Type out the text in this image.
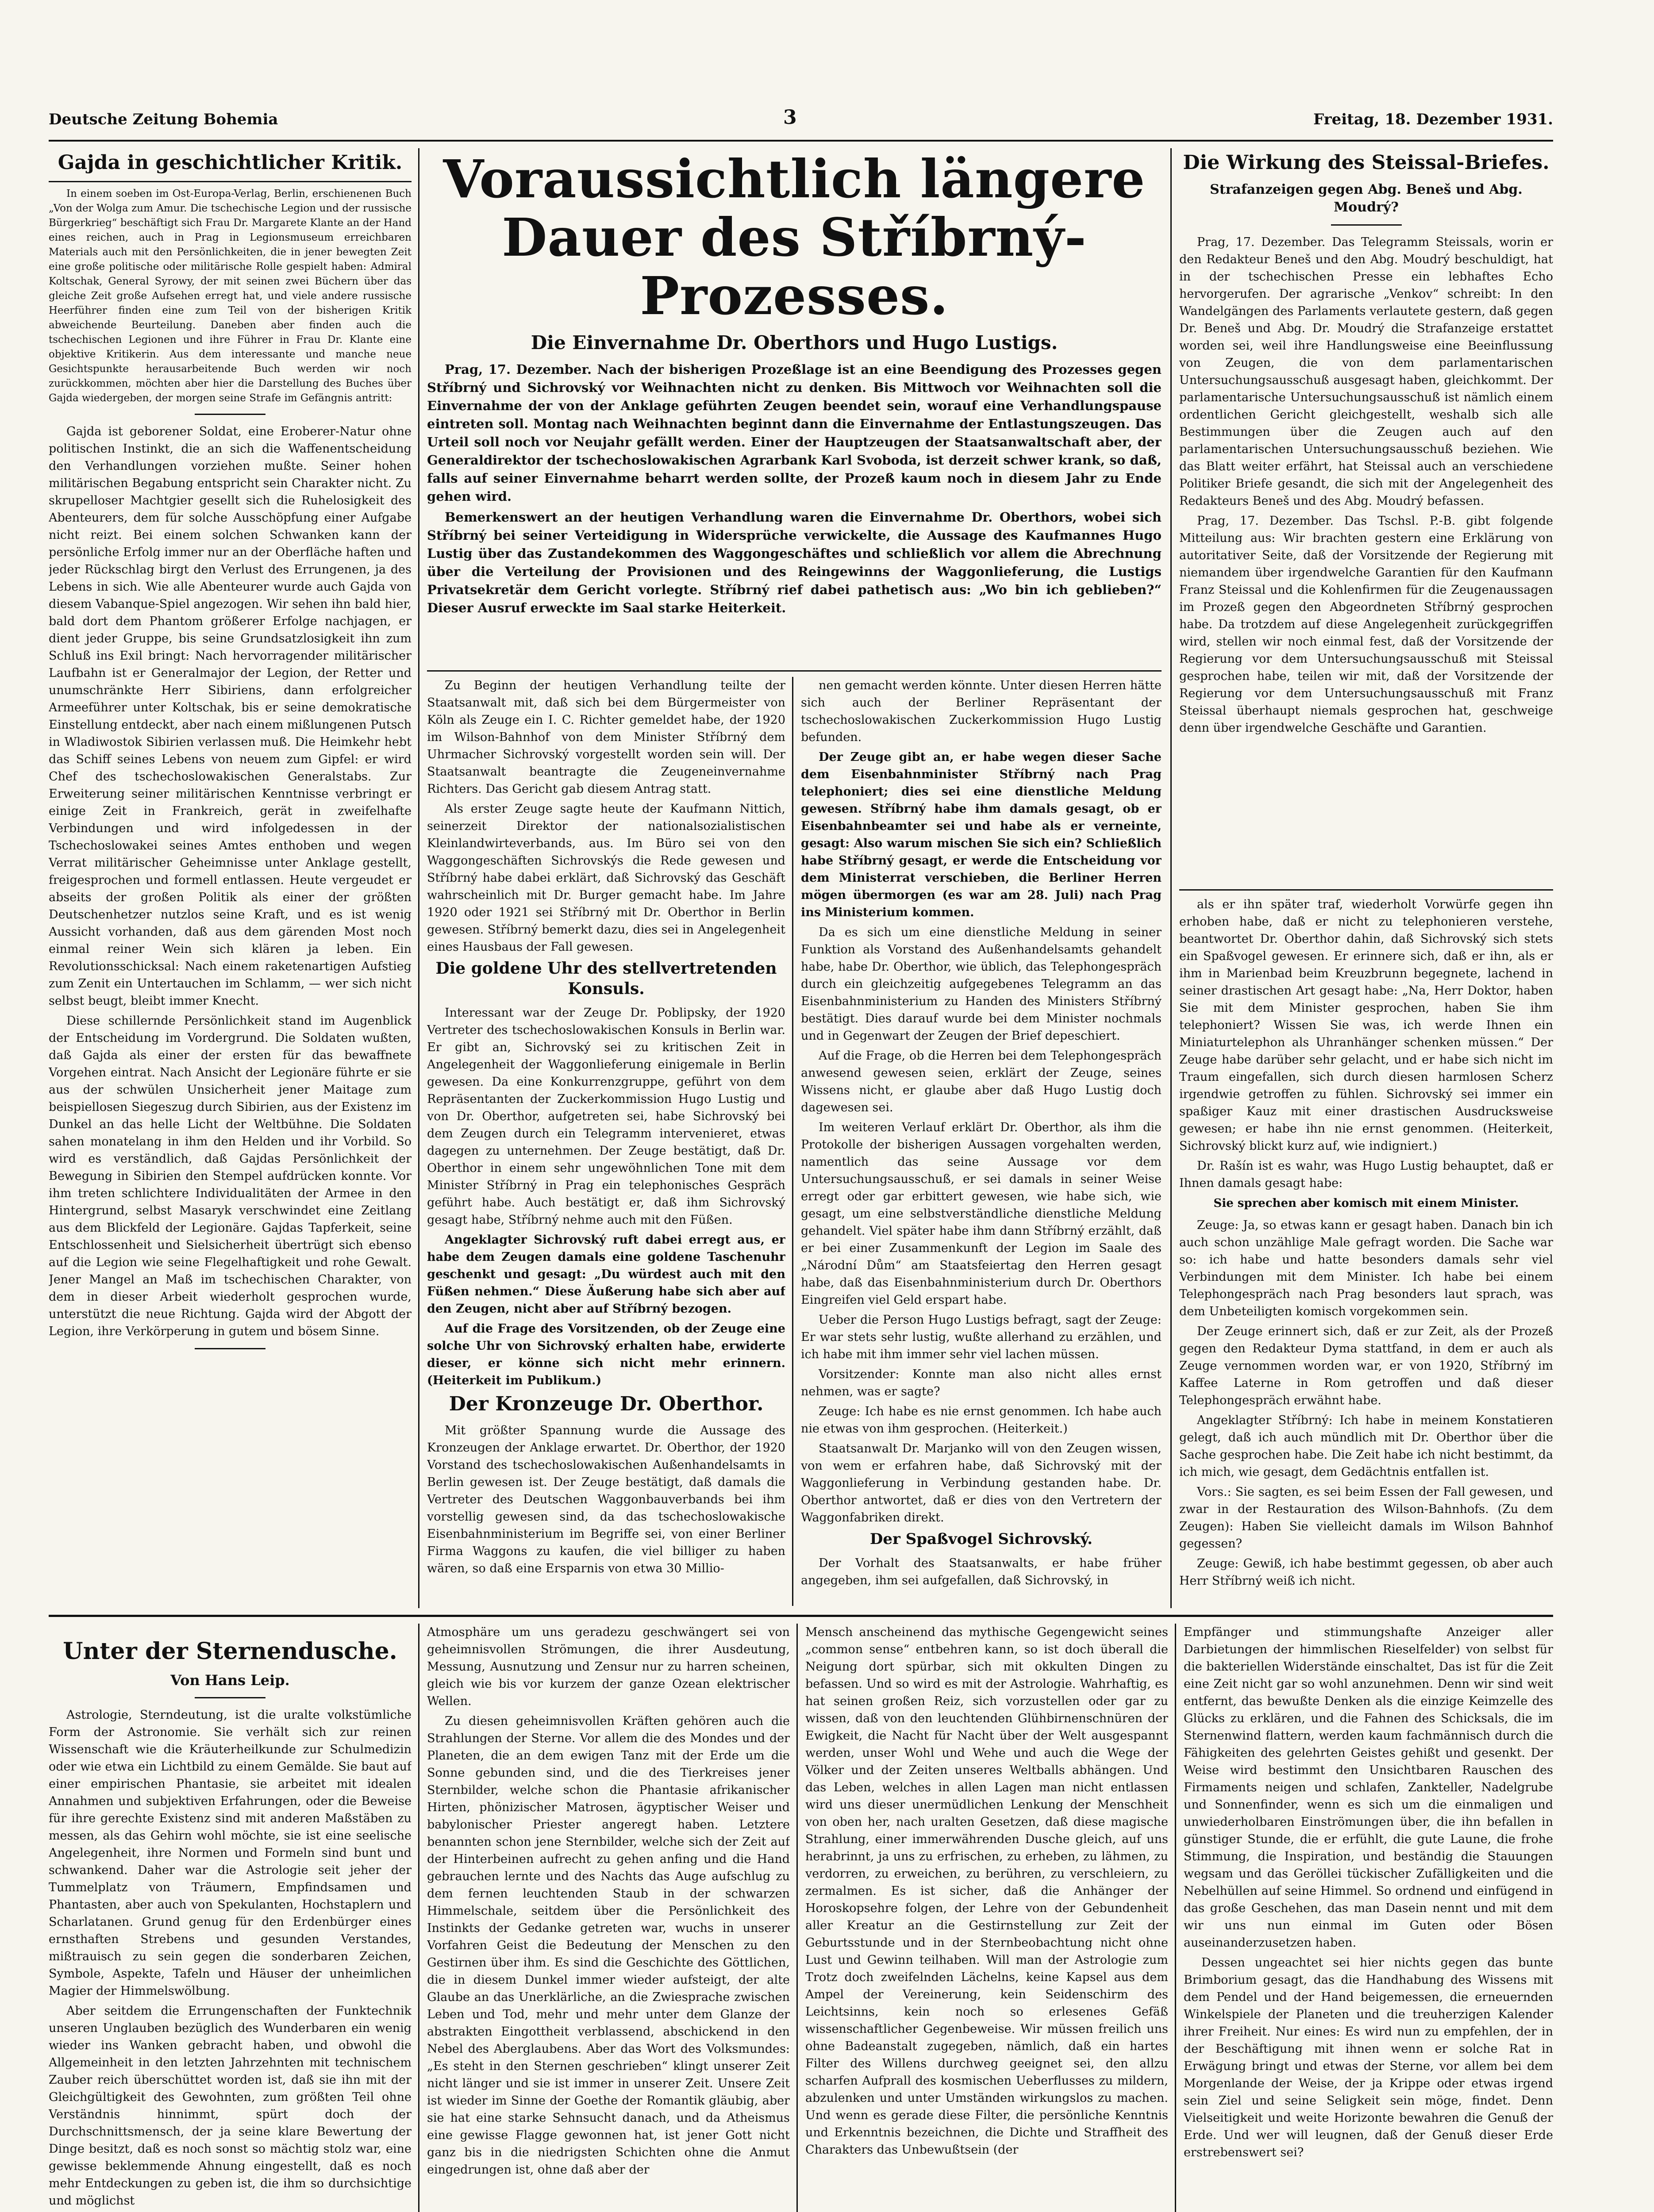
Deutsche Zeitung Bohemia	3	Freitag, 18. Dezember 1931.
Gajda in geschichtlicher Kritik.

In einem soeben im Ost-Europa-Verlag, Berlin, erschienenen Buch „Von der Wolga zum Amur. Die tschechische Legion und der russische Bürgerkrieg“ beschäftigt sich Frau Dr. Margarete Klante an der Hand eines reichen, auch in Prag in Legionsmuseum erreichbaren Materials auch mit den Persönlichkeiten, die in jener bewegten Zeit eine große politische oder militärische Rolle gespielt haben: Admiral Koltschak, General Syrowy, der mit seinen zwei Büchern über das gleiche Zeit große Aufsehen erregt hat, und viele andere russische Heerführer finden eine zum Teil von der bisherigen Kritik abweichende Beurteilung. Daneben aber finden auch die tschechischen Legionen und ihre Führer in Frau Dr. Klante eine objektive Kritikerin. Aus dem interessante und manche neue Gesichtspunkte herausarbeitende Buch werden wir noch zurückkommen, möchten aber hier die Darstellung des Buches über Gajda wiedergeben, der morgen seine Strafe im Gefängnis antritt:

Gajda ist geborener Soldat, eine Eroberer-Natur ohne politischen Instinkt, die an sich die Waffenentscheidung den Verhandlungen vorziehen mußte. Seiner hohen militärischen Begabung entspricht sein Charakter nicht. Zu skrupelloser Machtgier gesellt sich die Ruhelosigkeit des Abenteurers, dem für solche Ausschöpfung einer Aufgabe nicht reizt. Bei einem solchen Schwanken kann der persönliche Erfolg immer nur an der Oberfläche haften und jeder Rückschlag birgt den Verlust des Errungenen, ja des Lebens in sich. Wie alle Abenteurer wurde auch Gajda von diesem Vabanque-Spiel angezogen. Wir sehen ihn bald hier, bald dort dem Phantom größerer Erfolge nachjagen, er dient jeder Gruppe, bis seine Grundsatzlosigkeit ihn zum Schluß ins Exil bringt: Nach hervorragender militärischer Laufbahn ist er Generalmajor der Legion, der Retter und unumschränkte Herr Sibiriens, dann erfolgreicher Armeeführer unter Koltschak, bis er seine demokratische Einstellung entdeckt, aber nach einem mißlungenen Putsch in Wladiwostok Sibirien verlassen muß. Die Heimkehr hebt das Schiff seines Lebens von neuem zum Gipfel: er wird Chef des tschechoslowakischen Generalstabs. Zur Erweiterung seiner militärischen Kenntnisse verbringt er einige Zeit in Frankreich, gerät in zweifelhafte Verbindungen und wird infolgedessen in der Tschechoslowakei seines Amtes enthoben und wegen Verrat militärischer Geheimnisse unter Anklage gestellt, freigesprochen und formell entlassen. Heute vergeudet er abseits der großen Politik als einer der größten Deutschenhetzer nutzlos seine Kraft, und es ist wenig Aussicht vorhanden, daß aus dem gärenden Most noch einmal reiner Wein sich klären ja leben. Ein Revolutionsschicksal: Nach einem raketenartigen Aufstieg zum Zenit ein Untertauchen im Schlamm, — wer sich nicht selbst beugt, bleibt immer Knecht.

Diese schillernde Persönlichkeit stand im Augenblick der Entscheidung im Vordergrund. Die Soldaten wußten, daß Gajda als einer der ersten für das bewaffnete Vorgehen eintrat. Nach Ansicht der Legionäre führte er sie aus der schwülen Unsicherheit jener Maitage zum beispiellosen Siegeszug durch Sibirien, aus der Existenz im Dunkel an das helle Licht der Weltbühne. Die Soldaten sahen monatelang in ihm den Helden und ihr Vorbild. So wird es verständlich, daß Gajdas Persönlichkeit der Bewegung in Sibirien den Stempel aufdrücken konnte. Vor ihm treten schlichtere Individualitäten der Armee in den Hintergrund, selbst Masaryk verschwindet eine Zeitlang aus dem Blickfeld der Legionäre. Gajdas Tapferkeit, seine Entschlossenheit und Sielsicherheit übertrügt sich ebenso auf die Legion wie seine Flegelhaftigkeit und rohe Gewalt. Jener Mangel an Maß im tschechischen Charakter, von dem in dieser Arbeit wiederholt gesprochen wurde, unterstützt die neue Richtung. Gajda wird der Abgott der Legion, ihre Verkörperung in gutem und bösem Sinne.

Voraussichtlich längere Dauer des Stříbrný-Prozesses.
Die Einvernahme Dr. Oberthors und Hugo Lustigs.

Prag, 17. Dezember. Nach der bisherigen Prozeßlage ist an eine Beendigung des Prozesses gegen Stříbrný und Sichrovský vor Weihnachten nicht zu denken. Bis Mittwoch vor Weihnachten soll die Einvernahme der von der Anklage geführten Zeugen beendet sein, worauf eine Verhandlungspause eintreten soll. Montag nach Weihnachten beginnt dann die Einvernahme der Entlastungszeugen. Das Urteil soll noch vor Neujahr gefällt werden. Einer der Hauptzeugen der Staatsanwaltschaft aber, der Generaldirektor der tschechoslowakischen Agrarbank Karl Svoboda, ist derzeit schwer krank, so daß, falls auf seiner Einvernahme beharrt werden sollte, der Prozeß kaum noch in diesem Jahr zu Ende gehen wird.

Bemerkenswert an der heutigen Verhandlung waren die Einvernahme Dr. Oberthors, wobei sich Stříbrný bei seiner Verteidigung in Widersprüche verwickelte, die Aussage des Kaufmannes Hugo Lustig über das Zustandekommen des Waggongeschäftes und schließlich vor allem die Abrechnung über die Verteilung der Provisionen und des Reingewinns der Waggonlieferung, die Lustigs Privatsekretär dem Gericht vorlegte. Stříbrný rief dabei pathetisch aus: „Wo bin ich geblieben?“ Dieser Ausruf erweckte im Saal starke Heiterkeit.

Zu Beginn der heutigen Verhandlung teilte der Staatsanwalt mit, daß sich bei dem Bürgermeister von Köln als Zeuge ein I. C. Richter gemeldet habe, der 1920 im Wilson-Bahnhof von dem Minister Stříbrný dem Uhrmacher Sichrovský vorgestellt worden sein will. Der Staatsanwalt beantragte die Zeugeneinvernahme Richters. Das Gericht gab diesem Antrag statt.

Als erster Zeuge sagte heute der Kaufmann Nittich, seinerzeit Direktor der nationalsozialistischen Kleinlandwirteverbands, aus. Im Büro sei von den Waggongeschäften Sichrovskýs die Rede gewesen und Stříbrný habe dabei erklärt, daß Sichrovský das Geschäft wahrscheinlich mit Dr. Burger gemacht habe. Im Jahre 1920 oder 1921 sei Stříbrný mit Dr. Oberthor in Berlin gewesen. Stříbrný bemerkt dazu, dies sei in Angelegenheit eines Hausbaus der Fall gewesen.

Die goldene Uhr des stellvertretenden Konsuls.

Interessant war der Zeuge Dr. Poblipsky, der 1920 Vertreter des tschechoslowakischen Konsuls in Berlin war. Er gibt an, Sichrovský sei zu kritischen Zeit in Angelegenheit der Waggonlieferung einigemale in Berlin gewesen. Da eine Konkurrenzgruppe, geführt von dem Repräsentanten der Zuckerkommission Hugo Lustig und von Dr. Oberthor, aufgetreten sei, habe Sichrovský bei dem Zeugen durch ein Telegramm intervenieret, etwas dagegen zu unternehmen. Der Zeuge bestätigt, daß Dr. Oberthor in einem sehr ungewöhnlichen Tone mit dem Minister Stříbrný in Prag ein telephonisches Gespräch geführt habe. Auch bestätigt er, daß ihm Sichrovský gesagt habe, Stříbrný nehme auch mit den Füßen.

Angeklagter Sichrovský ruft dabei erregt aus, er habe dem Zeugen damals eine goldene Taschenuhr geschenkt und gesagt: „Du würdest auch mit den Füßen nehmen.“ Diese Äußerung habe sich aber auf den Zeugen, nicht aber auf Stříbrný bezogen.

Auf die Frage des Vorsitzenden, ob der Zeuge eine solche Uhr von Sichrovský erhalten habe, erwiderte dieser, er könne sich nicht mehr erinnern. (Heiterkeit im Publikum.)

Der Kronzeuge Dr. Oberthor.

Mit größter Spannung wurde die Aussage des Kronzeugen der Anklage erwartet. Dr. Oberthor, der 1920 Vorstand des tschechoslowakischen Außenhandelsamts in Berlin gewesen ist. Der Zeuge bestätigt, daß damals die Vertreter des Deutschen Waggonbauverbands bei ihm vorstellig gewesen sind, da das tschechoslowakische Eisenbahnministerium im Begriffe sei, von einer Berliner Firma Waggons zu kaufen, die viel billiger zu haben wären, so daß eine Ersparnis von etwa 30 Millio-

nen gemacht werden könnte. Unter diesen Herren hätte sich auch der Berliner Repräsentant der tschechoslowakischen Zuckerkommission Hugo Lustig befunden.

Der Zeuge gibt an, er habe wegen dieser Sache dem Eisenbahnminister Stříbrný nach Prag telephoniert; dies sei eine dienstliche Meldung gewesen. Stříbrný habe ihm damals gesagt, ob er Eisenbahnbeamter sei und habe als er verneinte, gesagt: Also warum mischen Sie sich ein? Schließlich habe Stříbrný gesagt, er werde die Entscheidung vor dem Ministerrat verschieben, die Berliner Herren mögen übermorgen (es war am 28. Juli) nach Prag ins Ministerium kommen.

Da es sich um eine dienstliche Meldung in seiner Funktion als Vorstand des Außenhandelsamts gehandelt habe, habe Dr. Oberthor, wie üblich, das Telephongespräch durch ein gleichzeitig aufgegebenes Telegramm an das Eisenbahnministerium zu Handen des Ministers Stříbrný bestätigt. Dies darauf wurde bei dem Minister nochmals und in Gegenwart der Zeugen der Brief depeschiert.

Auf die Frage, ob die Herren bei dem Telephongespräch anwesend gewesen seien, erklärt der Zeuge, seines Wissens nicht, er glaube aber daß Hugo Lustig doch dagewesen sei.

Im weiteren Verlauf erklärt Dr. Oberthor, als ihm die Protokolle der bisherigen Aussagen vorgehalten werden, namentlich das seine Aussage vor dem Untersuchungsausschuß, er sei damals in seiner Weise erregt oder gar erbittert gewesen, wie habe sich, wie gesagt, um eine selbstverständliche dienstliche Meldung gehandelt. Viel später habe ihm dann Stříbrný erzählt, daß er bei einer Zusammenkunft der Legion im Saale des „Národní Dům“ am Staatsfeiertag den Herren gesagt habe, daß das Eisenbahnministerium durch Dr. Oberthors Eingreifen viel Geld erspart habe.

Ueber die Person Hugo Lustigs befragt, sagt der Zeuge: Er war stets sehr lustig, wußte allerhand zu erzählen, und ich habe mit ihm immer sehr viel lachen müssen.

Vorsitzender: Konnte man also nicht alles ernst nehmen, was er sagte?

Zeuge: Ich habe es nie ernst genommen. Ich habe auch nie etwas von ihm gesprochen. (Heiterkeit.)

Staatsanwalt Dr. Marjanko will von den Zeugen wissen, von wem er erfahren habe, daß Sichrovský mit der Waggonlieferung in Verbindung gestanden habe. Dr. Oberthor antwortet, daß er dies von den Vertretern der Waggonfabriken direkt.

Der Spaßvogel Sichrovský.

Der Vorhalt des Staatsanwalts, er habe früher angegeben, ihm sei aufgefallen, daß Sichrovský, in

Die Wirkung des Steissal-Briefes.
Strafanzeigen gegen Abg. Beneš und Abg. Moudrý?

Prag, 17. Dezember. Das Telegramm Steissals, worin er den Redakteur Beneš und den Abg. Moudrý beschuldigt, hat in der tschechischen Presse ein lebhaftes Echo hervorgerufen. Der agrarische „Venkov“ schreibt: In den Wandelgängen des Parlaments verlautete gestern, daß gegen Dr. Beneš und Abg. Dr. Moudrý die Strafanzeige erstattet worden sei, weil ihre Handlungsweise eine Beeinflussung von Zeugen, die von dem parlamentarischen Untersuchungsausschuß ausgesagt haben, gleichkommt. Der parlamentarische Untersuchungsausschuß ist nämlich einem ordentlichen Gericht gleichgestellt, weshalb sich alle Bestimmungen über die Zeugen auch auf den parlamentarischen Untersuchungsausschuß beziehen. Wie das Blatt weiter erfährt, hat Steissal auch an verschiedene Politiker Briefe gesandt, die sich mit der Angelegenheit des Redakteurs Beneš und des Abg. Moudrý befassen.

Prag, 17. Dezember. Das Tschsl. P.-B. gibt folgende Mitteilung aus: Wir brachten gestern eine Erklärung von autoritativer Seite, daß der Vorsitzende der Regierung mit niemandem über irgendwelche Garantien für den Kaufmann Franz Steissal und die Kohlenfirmen für die Zeugenaussagen im Prozeß gegen den Abgeordneten Stříbrný gesprochen habe. Da trotzdem auf diese Angelegenheit zurückgegriffen wird, stellen wir noch einmal fest, daß der Vorsitzende der Regierung vor dem Untersuchungsausschuß mit Steissal gesprochen habe, teilen wir mit, daß der Vorsitzende der Regierung vor dem Untersuchungsausschuß mit Franz Steissal überhaupt niemals gesprochen hat, geschweige denn über irgendwelche Geschäfte und Garantien.

als er ihn später traf, wiederholt Vorwürfe gegen ihn erhoben habe, daß er nicht zu telephonieren verstehe, beantwortet Dr. Oberthor dahin, daß Sichrovský sich stets ein Spaßvogel gewesen. Er erinnere sich, daß er ihn, als er ihm in Marienbad beim Kreuzbrunn begegnete, lachend in seiner drastischen Art gesagt habe: „Na, Herr Doktor, haben Sie mit dem Minister gesprochen, haben Sie ihm telephoniert? Wissen Sie was, ich werde Ihnen ein Miniaturtelephon als Uhranhänger schenken müssen.“ Der Zeuge habe darüber sehr gelacht, und er habe sich nicht im Traum eingefallen, sich durch diesen harmlosen Scherz irgendwie getroffen zu fühlen. Sichrovský sei immer ein spaßiger Kauz mit einer drastischen Ausdrucksweise gewesen; er habe ihn nie ernst genommen. (Heiterkeit, Sichrovský blickt kurz auf, wie indigniert.)

Dr. Rašín ist es wahr, was Hugo Lustig behauptet, daß er Ihnen damals gesagt habe:

Sie sprechen aber komisch mit einem Minister.

Zeuge: Ja, so etwas kann er gesagt haben. Danach bin ich auch schon unzählige Male gefragt worden. Die Sache war so: ich habe und hatte besonders damals sehr viel Verbindungen mit dem Minister. Ich habe bei einem Telephongespräch nach Prag besonders laut sprach, was dem Unbeteiligten komisch vorgekommen sein.

Der Zeuge erinnert sich, daß er zur Zeit, als der Prozeß gegen den Redakteur Dyma stattfand, in dem er auch als Zeuge vernommen worden war, er von 1920, Stříbrný im Kaffee Laterne in Rom getroffen und daß dieser Telephongespräch erwähnt habe.

Angeklagter Stříbrný: Ich habe in meinem Konstatieren gelegt, daß ich auch mündlich mit Dr. Oberthor über die Sache gesprochen habe. Die Zeit habe ich nicht bestimmt, da ich mich, wie gesagt, dem Gedächtnis entfallen ist.

Vors.: Sie sagten, es sei beim Essen der Fall gewesen, und zwar in der Restauration des Wilson-Bahnhofs. (Zu dem Zeugen): Haben Sie vielleicht damals im Wilson Bahnhof gegessen?

Zeuge: Gewiß, ich habe bestimmt gegessen, ob aber auch Herr Stříbrný weiß ich nicht.

Unter der Sternendusche.
Von Hans Leip.

Astrologie, Sterndeutung, ist die uralte volkstümliche Form der Astronomie. Sie verhält sich zur reinen Wissenschaft wie die Kräuterheilkunde zur Schulmedizin oder wie etwa ein Lichtbild zu einem Gemälde. Sie baut auf einer empirischen Phantasie, sie arbeitet mit idealen Annahmen und subjektiven Erfahrungen, oder die Beweise für ihre gerechte Existenz sind mit anderen Maßstäben zu messen, als das Gehirn wohl möchte, sie ist eine seelische Angelegenheit, ihre Normen und Formeln sind bunt und schwankend. Daher war die Astrologie seit jeher der Tummelplatz von Träumern, Empfindsamen und Phantasten, aber auch von Spekulanten, Hochstaplern und Scharlatanen. Grund genug für den Erdenbürger eines ernsthaften Strebens und gesunden Verstandes, mißtrauisch zu sein gegen die sonderbaren Zeichen, Symbole, Aspekte, Tafeln und Häuser der unheimlichen Magier der Himmelswölbung.

Aber seitdem die Errungenschaften der Funktechnik unseren Unglauben bezüglich des Wunderbaren ein wenig wieder ins Wanken gebracht haben, und obwohl die Allgemeinheit in den letzten Jahrzehnten mit technischem Zauber reich überschüttet worden ist, daß sie ihn mit der Gleichgültigkeit des Gewohnten, zum größten Teil ohne Verständnis hinnimmt, spürt doch der Durchschnittsmensch, der ja seine klare Bewertung der Dinge besitzt, daß es noch sonst so mächtig stolz war, eine gewisse beklemmende Ahnung eingestellt, daß es noch mehr Entdeckungen zu geben ist, die ihm so durchsichtige und möglichst

Atmosphäre um uns geradezu geschwängert sei von geheimnisvollen Strömungen, die ihrer Ausdeutung, Messung, Ausnutzung und Zensur nur zu harren scheinen, gleich wie bis vor kurzem der ganze Ozean elektrischer Wellen.

Zu diesen geheimnisvollen Kräften gehören auch die Strahlungen der Sterne. Vor allem die des Mondes und der Planeten, die an dem ewigen Tanz mit der Erde um die Sonne gebunden sind, und die des Tierkreises jener Sternbilder, welche schon die Phantasie afrikanischer Hirten, phönizischer Matrosen, ägyptischer Weiser und babylonischer Priester angeregt haben. Letztere benannten schon jene Sternbilder, welche sich der Zeit auf der Hinterbeinen aufrecht zu gehen anfing und die Hand gebrauchen lernte und des Nachts das Auge aufschlug zu dem fernen leuchtenden Staub in der schwarzen Himmelschale, seitdem über die Persönlichkeit des Instinkts der Gedanke getreten war, wuchs in unserer Vorfahren Geist die Bedeutung der Menschen zu den Gestirnen über ihm. Es sind die Geschichte des Göttlichen, die in diesem Dunkel immer wieder aufsteigt, der alte Glaube an das Unerklärliche, an die Zwiesprache zwischen Leben und Tod, mehr und mehr unter dem Glanze der abstrakten Eingottheit verblassend, abschickend in den Nebel des Aberglaubens. Aber das Wort des Volksmundes: „Es steht in den Sternen geschrieben“ klingt unserer Zeit nicht länger und sie ist immer in unserer Zeit. Unsere Zeit ist wieder im Sinne der Goethe der Romantik gläubig, aber sie hat eine starke Sehnsucht danach, und da Atheismus eine gewisse Flagge gewonnen hat, ist jener Gott nicht ganz bis in die niedrigsten Schichten ohne die Anmut eingedrungen ist, ohne daß aber der

Mensch anscheinend das mythische Gegengewicht seines „common sense“ entbehren kann, so ist doch überall die Neigung dort spürbar, sich mit okkulten Dingen zu befassen. Und so wird es mit der Astrologie. Wahrhaftig, es hat seinen großen Reiz, sich vorzustellen oder gar zu wissen, daß von den leuchtenden Glühbirnenschnüren der Ewigkeit, die Nacht für Nacht über der Welt ausgespannt werden, unser Wohl und Wehe und auch die Wege der Völker und der Zeiten unseres Weltballs abhängen. Und das Leben, welches in allen Lagen man nicht entlassen wird uns dieser unermüdlichen Lenkung der Menschheit von oben her, nach uralten Gesetzen, daß diese magische Strahlung, einer immerwährenden Dusche gleich, auf uns herabrinnt, ja uns zu erfrischen, zu erheben, zu lähmen, zu verdorren, zu erweichen, zu berühren, zu verschleiern, zu zermalmen. Es ist sicher, daß die Anhänger der Horoskopsehre folgen, der Lehre von der Gebundenheit aller Kreatur an die Gestirnstellung zur Zeit der Geburtsstunde und in der Sternbeobachtung nicht ohne Lust und Gewinn teilhaben. Will man der Astrologie zum Trotz doch zweifelnden Lächelns, keine Kapsel aus dem Ampel der Vereinerung, kein Seidenschirm des Leichtsinns, kein noch so erlesenes Gefäß wissenschaftlicher Gegenbeweise. Wir müssen freilich uns ohne Badeanstalt zugegeben, nämlich, daß ein hartes Filter des Willens durchweg geeignet sei, den allzu scharfen Aufprall des kosmischen Ueberflusses zu mildern, abzulenken und unter Umständen wirkungslos zu machen. Und wenn es gerade diese Filter, die persönliche Kenntnis und Erkenntnis bezeichnen, die Dichte und Straffheit des Charakters das Unbewußtsein (der

Empfänger und stimmungshafte Anzeiger aller Darbietungen der himmlischen Rieselfelder) von selbst für die bakteriellen Widerstände einschaltet, Das ist für die Zeit eine Zeit nicht gar so wohl anzunehmen. Denn wir sind weit entfernt, das bewußte Denken als die einzige Keimzelle des Glücks zu erklären, und die Fahnen des Schicksals, die im Sternenwind flattern, werden kaum fachmännisch durch die Fähigkeiten des gelehrten Geistes gehißt und gesenkt. Der Weise wird bestimmt den Unsichtbaren Rauschen des Firmaments neigen und schlafen, Zankteller, Nadelgrube und Sonnenfinder, wenn es sich um die einmaligen und unwiederholbaren Einströmungen über, die ihn befallen in günstiger Stunde, die er erfühlt, die gute Laune, die frohe Stimmung, die Inspiration, und beständig die Stauungen wegsam und das Geröllei tückischer Zufälligkeiten und die Nebelhüllen auf seine Himmel. So ordnend und einfügend in das große Geschehen, das man Dasein nennt und mit dem wir uns nun einmal im Guten oder Bösen auseinanderzusetzen haben.

Dessen ungeachtet sei hier nichts gegen das bunte Brimborium gesagt, das die Handhabung des Wissens mit dem Pendel und der Hand beigemessen, die erneuernden Winkelspiele der Planeten und die treuherzigen Kalender ihrer Freiheit. Nur eines: Es wird nun zu empfehlen, der in der Beschäftigung mit ihnen wenn er solche Rat in Erwägung bringt und etwas der Sterne, vor allem bei dem Morgenlande der Weise, der ja Krippe oder etwas irgend sein Ziel und seine Seligkeit sein möge, findet. Denn Vielseitigkeit und weite Horizonte bewahren die Genuß der Erde. Und wer will leugnen, daß der Genuß dieser Erde erstrebenswert sei?
